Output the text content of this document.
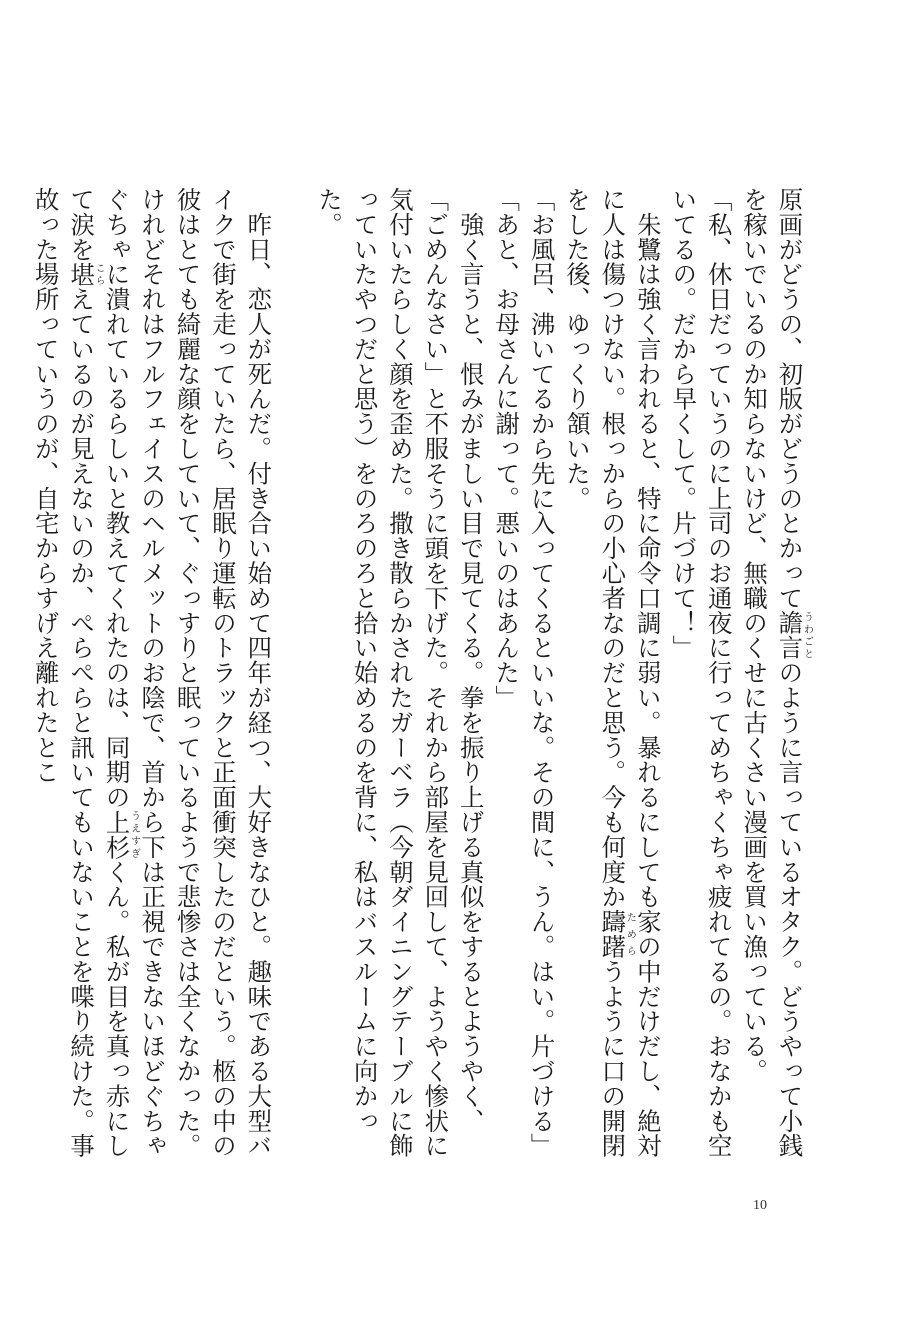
原画がどうの、初版がどうのとかって譫言うわごとのように言っているオタク。どうやって小銭を稼いでいるのか知らないけど、無職のくせに古くさい漫画を買い漁っている。

「私、休日だっていうのに上司のお通夜に行ってめちゃくちゃ疲れてるの。おなかも空いてるの。だから早くして。片づけて！」

　朱鷺は強く言われると、特に命令口調に弱い。暴れるにしても家の中だけだし、絶対に人は傷つけない。根っからの小心者なのだと思う。今も何度か躊躇ためらうように口の開閉をした後、ゆっくり頷いた。

「お風呂、沸いてるから先に入ってくるといいな。その間に、うん。はい。片づける」

「あと、お母さんに謝って。悪いのはあんた」

　強く言うと、恨みがましい目で見てくる。拳を振り上げる真似をするとようやく、「ごめんなさい」と不服そうに頭を下げた。それから部屋を見回して、ようやく惨状に気付いたらしく顔を歪めた。撒き散らかされたガーベラ（今朝ダイニングテーブルに飾っていたやつだと思う）をのろのろと拾い始めるのを背に、私はバスルームに向かった。

　昨日、恋人が死んだ。付き合い始めて四年が経つ、大好きなひと。趣味である大型バイクで街を走っていたら、居眠り運転のトラックと正面衝突したのだという。柩の中の彼はとても綺麗な顔をしていて、ぐっすりと眠っているようで悲惨さは全くなかった。けれどそれはフルフェイスのヘルメットのお陰で、首から下は正視できないほどぐちゃぐちゃに潰れているらしいと教えてくれたのは、同期の上杉うえすぎくん。私が目を真っ赤にして涙を堪こらえているのが見えないのか、ぺらぺらと訊いてもいないことを喋り続けた。事故った場所っていうのが、自宅からすげえ離れたとこ

10
